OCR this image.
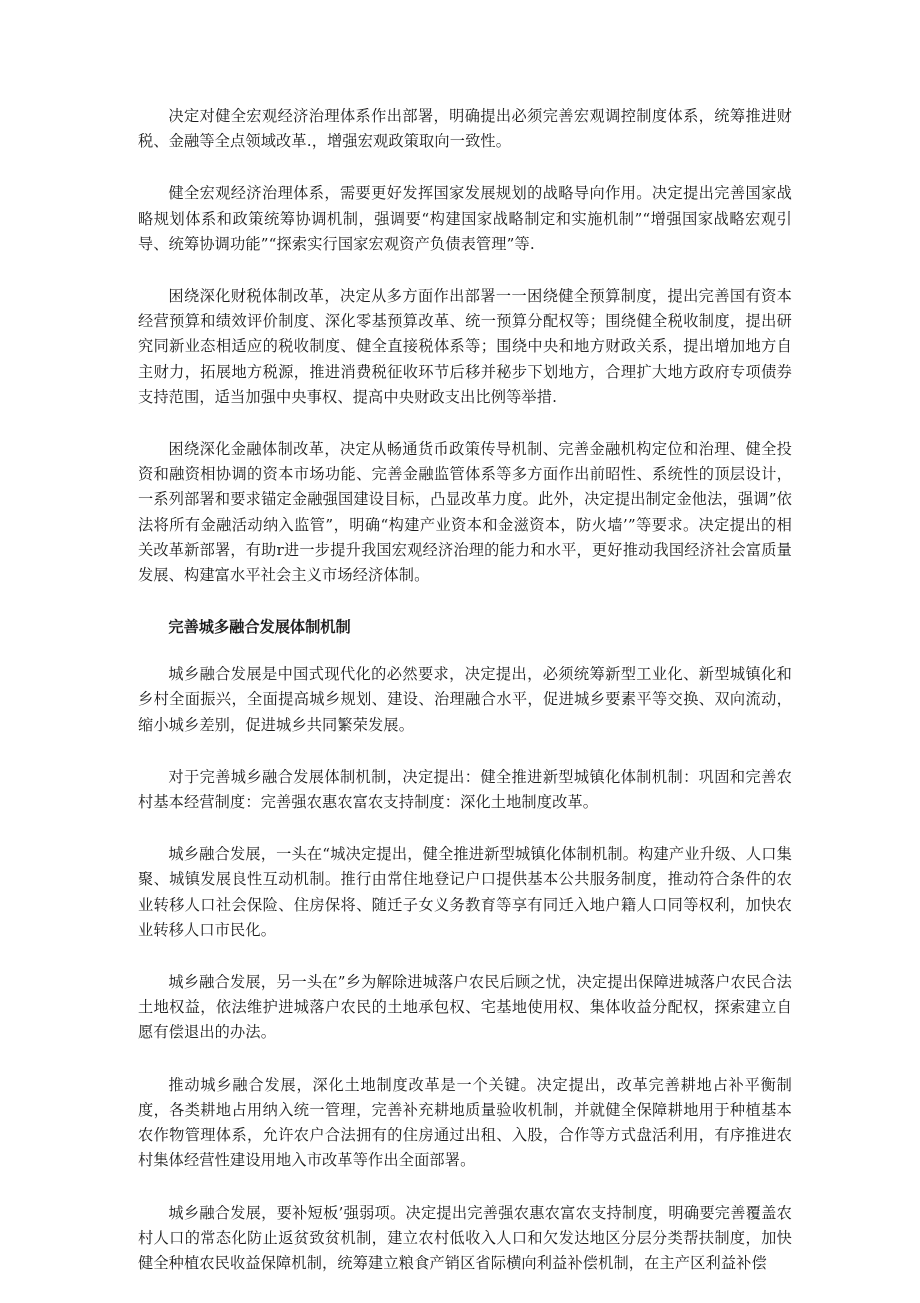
决定对健全宏观经济治理体系作出部署，明确提出必须完善宏观调控制度体系，统筹推进财税、金融等全点领域改革.，增强宏观政策取向一致性。

健全宏观经济治理体系，需要更好发挥国家发展规划的战略导向作用。决定提出完善国家战略规划体系和政策统筹协调机制，强调要“构建国家战略制定和实施机制”“增强国家战略宏观引导、统筹协调功能”“探索实行国家宏观资产负债表管理”等.

困绕深化财税体制改革，决定从多方面作出部署一一困绕健全预算制度，提出完善国有资本经营预算和绩效评价制度、深化零基预算改革、统一预算分配权等；围绕健全税收制度，提出研究同新业态相适应的税收制度、健全直接税体系等；围绕中央和地方财政关系，提出增加地方自主财力，拓展地方税源，推进消费税征收环节后移并秘步下划地方，合理扩大地方政府专项债券支持范围，适当加强中央事权、提高中央财政支出比例等举措.

困绕深化金融体制改革，决定从畅通货币政策传导机制、完善金融机构定位和治理、健全投资和融资相协调的资本市场功能、完善金融监管体系等多方面作出前昭性、系统性的顶层设计，一系列部署和要求锚定金融强国建设目标，凸显改革力度。此外，决定提出制定金他法，强调”依法将所有金融活动纳入监管”，明确“构建产业资本和金滋资本，防火墙’”等要求。决定提出的相关改革新部署，有助r进一步提升我国宏观经济治理的能力和水平，更好推动我国经济社会富质量发展、构建富水平社会主义市场经济体制。

完善城多融合发展体制机制

城乡融合发展是中国式现代化的必然要求，决定提出，必须统筹新型工业化、新型城镇化和乡村全面振兴，全面提高城乡规划、建设、治理融合水平，促进城乡要素平等交换、双向流动，缩小城乡差别，促进城乡共同繁荣发展。

对于完善城乡融合发展体制机制，决定提出：健全推进新型城镇化体制机制：巩固和完善农村基本经营制度：完善强农惠农富农支持制度：深化土地制度改革。

城乡融合发展，一头在“城决定提出，健全推进新型城镇化体制机制。构建产业升级、人口集聚、城镇发展良性互动机制。推行由常住地登记户口提供基本公共服务制度，推动符合条件的农业转移人口社会保险、住房保将、随迁子女义务教育等享有同迁入地户籍人口同等权利，加快农业转移人口市民化。

城乡融合发展，另一头在”乡为解除进城落户农民后顾之忧，决定提出保障进城落户农民合法土地权益，依法维护进城落户农民的土地承包权、宅基地使用权、集体收益分配权，探索建立自愿有偿退出的办法。

推动城乡融合发展，深化土地制度改革是一个关键。决定提出，改革完善耕地占补平衡制度，各类耕地占用纳入统一管理，完善补充耕地质量验收机制，并就健全保障耕地用于种植基本农作物管理体系，允许农户合法拥有的住房通过出租、入股，合作等方式盘活利用，有序推进农村集体经营性建设用地入市改革等作出全面部署。

城乡融合发展，要补短板’强弱项。决定提出完善强农惠农富农支持制度，明确要完善覆盖农村人口的常态化防止返贫致贫机制，建立农村低收入人口和欠发达地区分层分类帮扶制度，加快健全种植农民收益保障机制，统筹建立粮食产销区省际横向利益补偿机制，在主产区利益补偿
